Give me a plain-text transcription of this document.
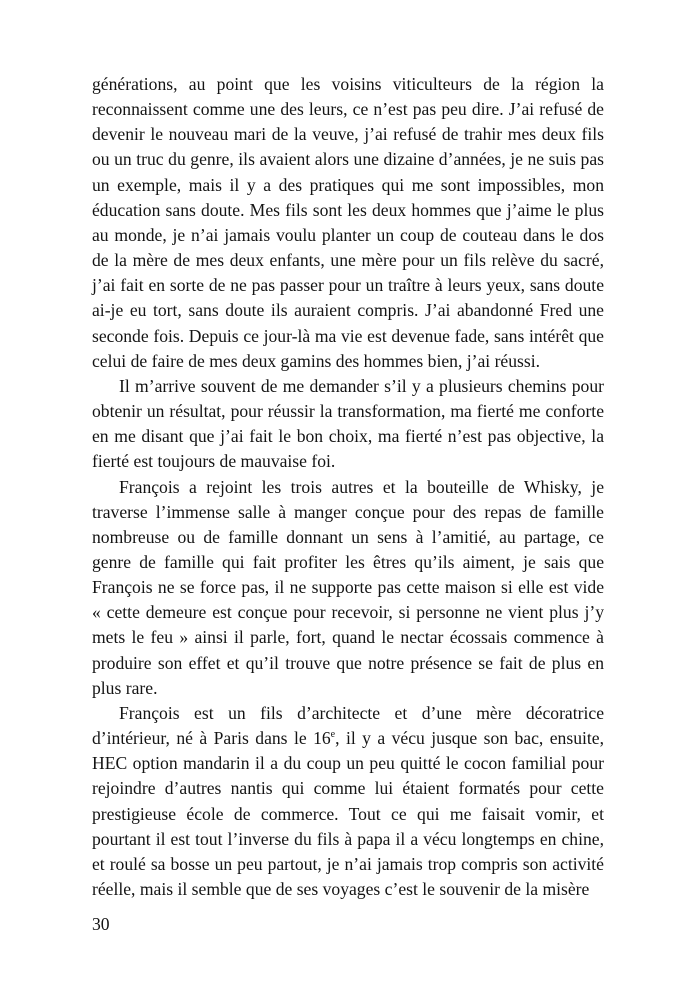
générations, au point que les voisins viticulteurs de la région la reconnaissent comme une des leurs, ce n’est pas peu dire. J’ai refusé de devenir le nouveau mari de la veuve, j’ai refusé de trahir mes deux fils ou un truc du genre, ils avaient alors une dizaine d’années, je ne suis pas un exemple, mais il y a des pratiques qui me sont impossibles, mon éducation sans doute. Mes fils sont les deux hommes que j’aime le plus au monde, je n’ai jamais voulu planter un coup de couteau dans le dos de la mère de mes deux enfants, une mère pour un fils relève du sacré, j’ai fait en sorte de ne pas passer pour un traître à leurs yeux, sans doute ai-je eu tort, sans doute ils auraient compris. J’ai abandonné Fred une seconde fois. Depuis ce jour-là ma vie est devenue fade, sans intérêt que celui de faire de mes deux gamins des hommes bien, j’ai réussi.

Il m’arrive souvent de me demander s’il y a plusieurs chemins pour obtenir un résultat, pour réussir la transformation, ma fierté me conforte en me disant que j’ai fait le bon choix, ma fierté n’est pas objective, la fierté est toujours de mauvaise foi.

François a rejoint les trois autres et la bouteille de Whisky, je traverse l’immense salle à manger conçue pour des repas de famille nombreuse ou de famille donnant un sens à l’amitié, au partage, ce genre de famille qui fait profiter les êtres qu’ils aiment, je sais que François ne se force pas, il ne supporte pas cette maison si elle est vide « cette demeure est conçue pour recevoir, si personne ne vient plus j’y mets le feu » ainsi il parle, fort, quand le nectar écossais commence à produire son effet et qu’il trouve que notre présence se fait de plus en plus rare.

François est un fils d’architecte et d’une mère décoratrice d’intérieur, né à Paris dans le 16e, il y a vécu jusque son bac, ensuite, HEC option mandarin il a du coup un peu quitté le cocon familial pour rejoindre d’autres nantis qui comme lui étaient formatés pour cette prestigieuse école de commerce. Tout ce qui me faisait vomir, et pourtant il est tout l’inverse du fils à papa il a vécu longtemps en chine, et roulé sa bosse un peu partout, je n’ai jamais trop compris son activité réelle, mais il semble que de ses voyages c’est le souvenir de la misère

30
